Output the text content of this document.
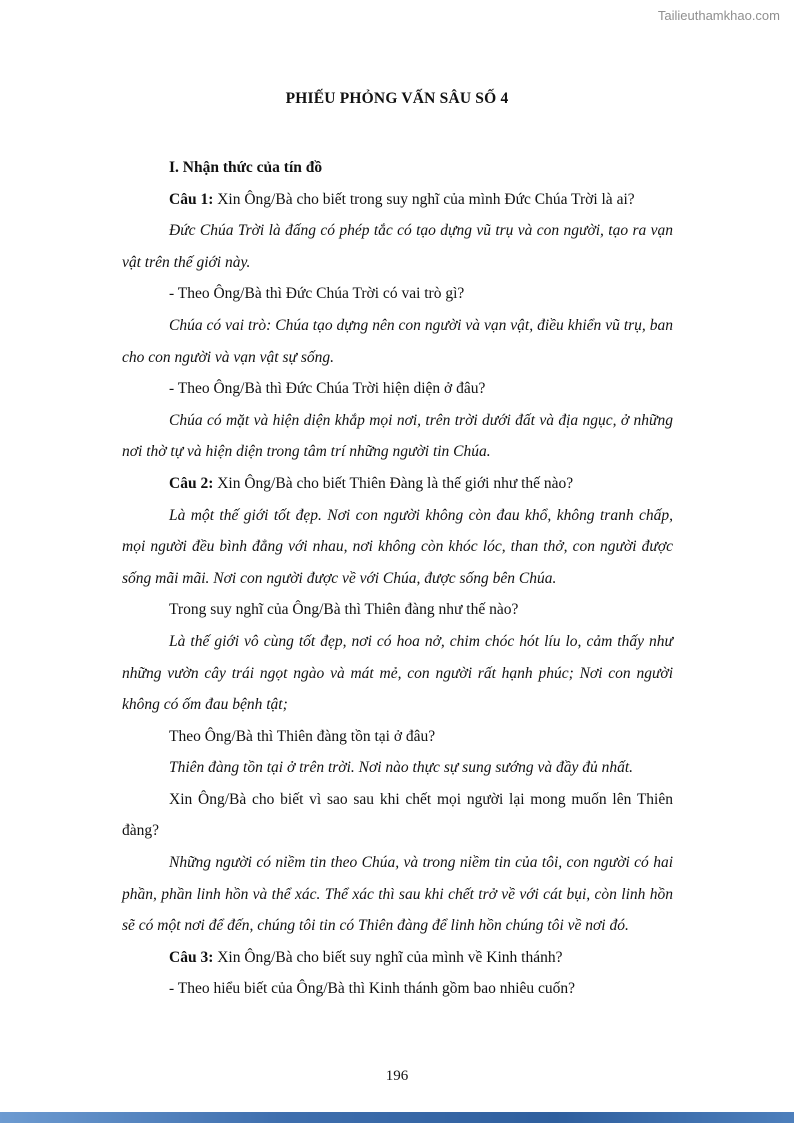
Tailieuthamkhao.com
PHIẾU PHỎNG VẤN SÂU SỐ 4

I. Nhận thức của tín đồ

Câu 1: Xin Ông/Bà cho biết trong suy nghĩ của mình Đức Chúa Trời là ai?

Đức Chúa Trời là đấng có phép tắc có tạo dựng vũ trụ và con người, tạo ra vạn vật trên thế giới này.

- Theo Ông/Bà thì Đức Chúa Trời có vai trò gì?

Chúa có vai trò: Chúa tạo dựng nên con người và vạn vật, điều khiển vũ trụ, ban cho con người và vạn vật sự sống.

- Theo Ông/Bà thì Đức Chúa Trời hiện diện ở đâu?

Chúa có mặt và hiện diện khắp mọi nơi, trên trời dưới đất và địa ngục, ở những nơi thờ tự và hiện diện trong tâm trí những người tin Chúa.

Câu 2: Xin Ông/Bà cho biết Thiên Đàng là thế giới như thế nào?

Là một thế giới tốt đẹp. Nơi con người không còn đau khổ, không tranh chấp, mọi người đều bình đẳng với nhau, nơi không còn khóc lóc, than thở, con người được sống mãi mãi. Nơi con người được về với Chúa, được sống bên Chúa.

Trong suy nghĩ của Ông/Bà thì Thiên đàng như thế nào?

Là thế giới vô cùng tốt đẹp, nơi có hoa nở, chim chóc hót líu lo, cảm thấy như những vườn cây trái ngọt ngào và mát mẻ, con người rất hạnh phúc; Nơi con người không có ốm đau bệnh tật;

Theo Ông/Bà thì Thiên đàng tồn tại ở đâu?

Thiên đàng tồn tại ở trên trời. Nơi nào thực sự sung sướng và đầy đủ nhất.

Xin Ông/Bà cho biết vì sao sau khi chết mọi người lại mong muốn lên Thiên đàng?

Những người có niềm tin theo Chúa, và trong niềm tin của tôi, con người có hai phần, phần linh hồn và thể xác. Thể xác thì sau khi chết trở về với cát bụi, còn linh hồn sẽ có một nơi để đến, chúng tôi tin có Thiên đàng để linh hồn chúng tôi về nơi đó.

Câu 3: Xin Ông/Bà cho biết suy nghĩ của mình về Kinh thánh?

- Theo hiểu biết của Ông/Bà thì Kinh thánh gồm bao nhiêu cuốn?

196
